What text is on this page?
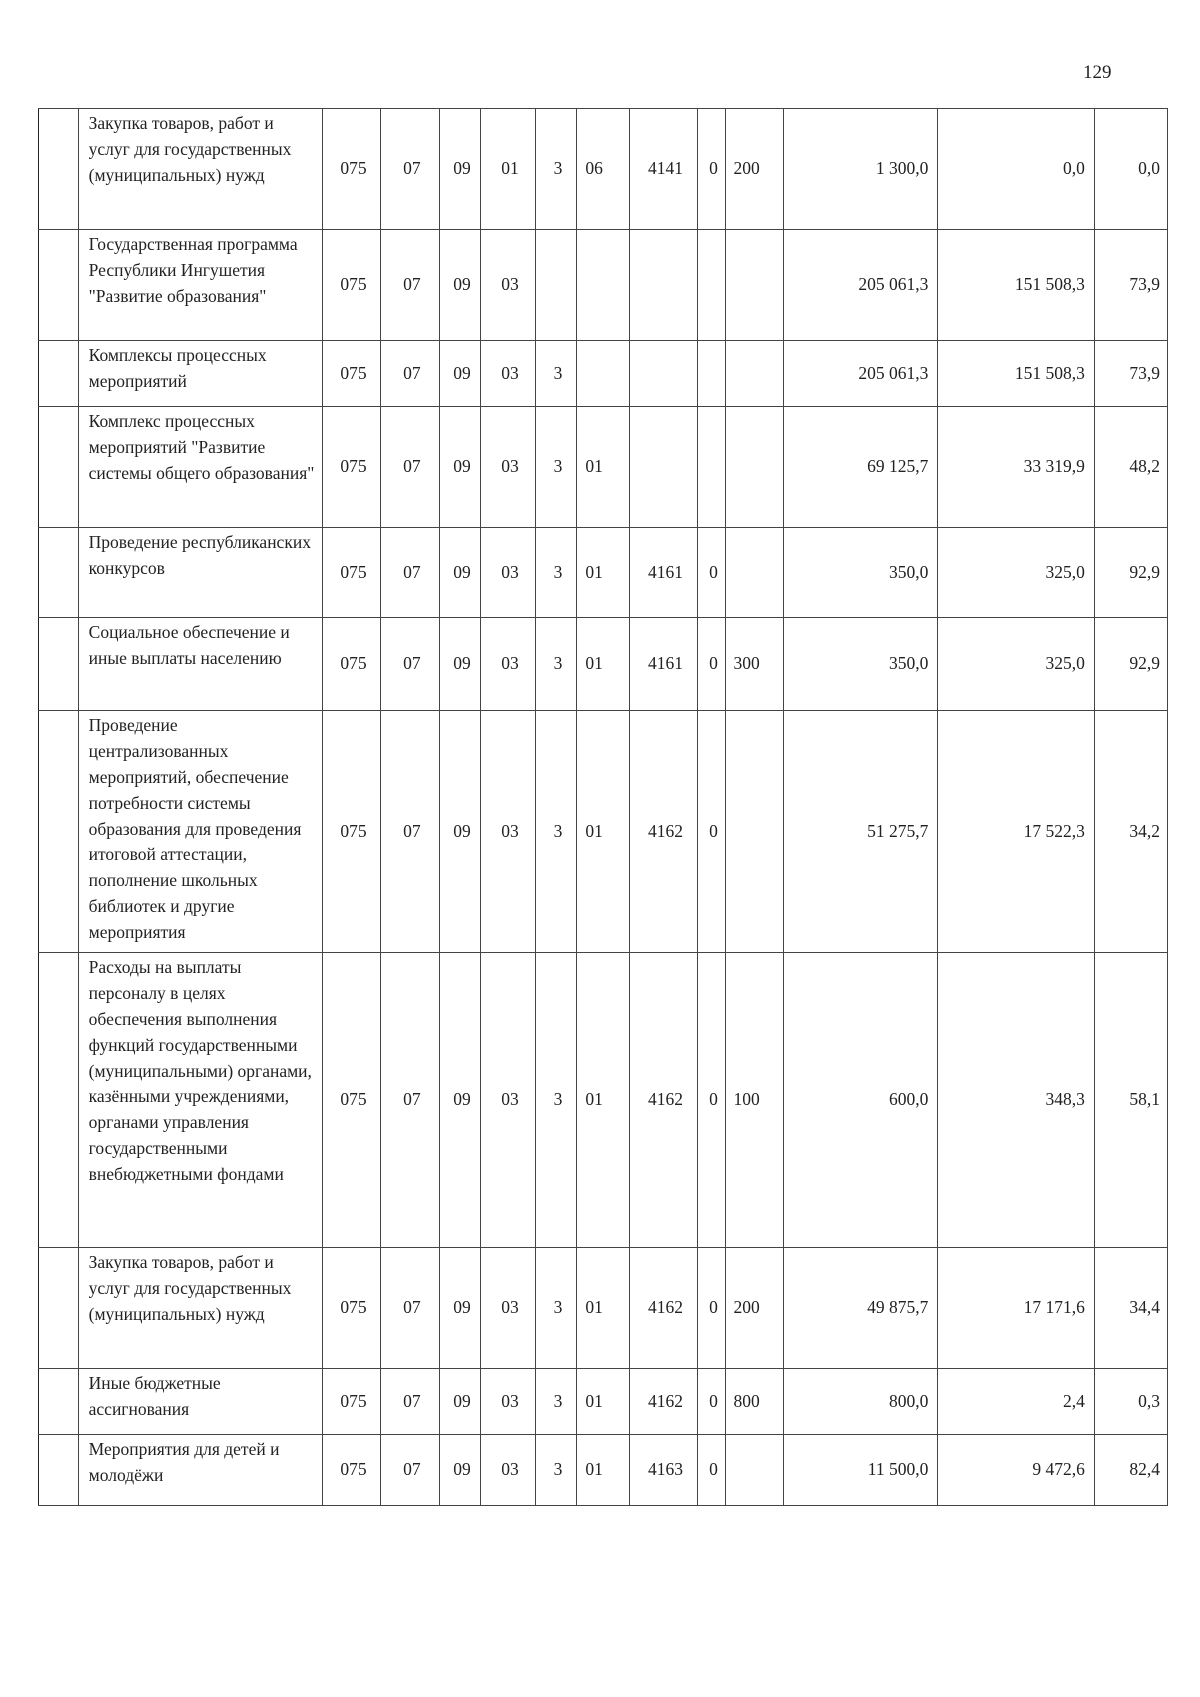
129
	Закупка товаров, работ и услуг для государственных (муниципальных) нужд	075	07	09	01	3	06	4141	0	200	1 300,0	0,0	0,0
	Государственная программа Республики Ингушетия "Развитие образования"	075	07	09	03						205 061,3	151 508,3	73,9
	Комплексы процессных мероприятий	075	07	09	03	3					205 061,3	151 508,3	73,9
	Комплекс процессных мероприятий "Развитие системы общего образования"	075	07	09	03	3	01				69 125,7	33 319,9	48,2
	Проведение республиканских конкурсов	075	07	09	03	3	01	4161	0		350,0	325,0	92,9
	Социальное обеспечение и иные выплаты населению	075	07	09	03	3	01	4161	0	300	350,0	325,0	92,9
	Проведение централизованных мероприятий, обеспечение потребности системы образования для проведения итоговой аттестации, пополнение школьных библиотек и другие мероприятия	075	07	09	03	3	01	4162	0		51 275,7	17 522,3	34,2
	Расходы на выплаты персоналу в целях обеспечения выполнения функций государственными (муниципальными) органами, казёнными учреждениями, органами управления государственными внебюджетными фондами	075	07	09	03	3	01	4162	0	100	600,0	348,3	58,1
	Закупка товаров, работ и услуг для государственных (муниципальных) нужд	075	07	09	03	3	01	4162	0	200	49 875,7	17 171,6	34,4
	Иные бюджетные ассигнования	075	07	09	03	3	01	4162	0	800	800,0	2,4	0,3
	Мероприятия для детей и молодёжи	075	07	09	03	3	01	4163	0		11 500,0	9 472,6	82,4
